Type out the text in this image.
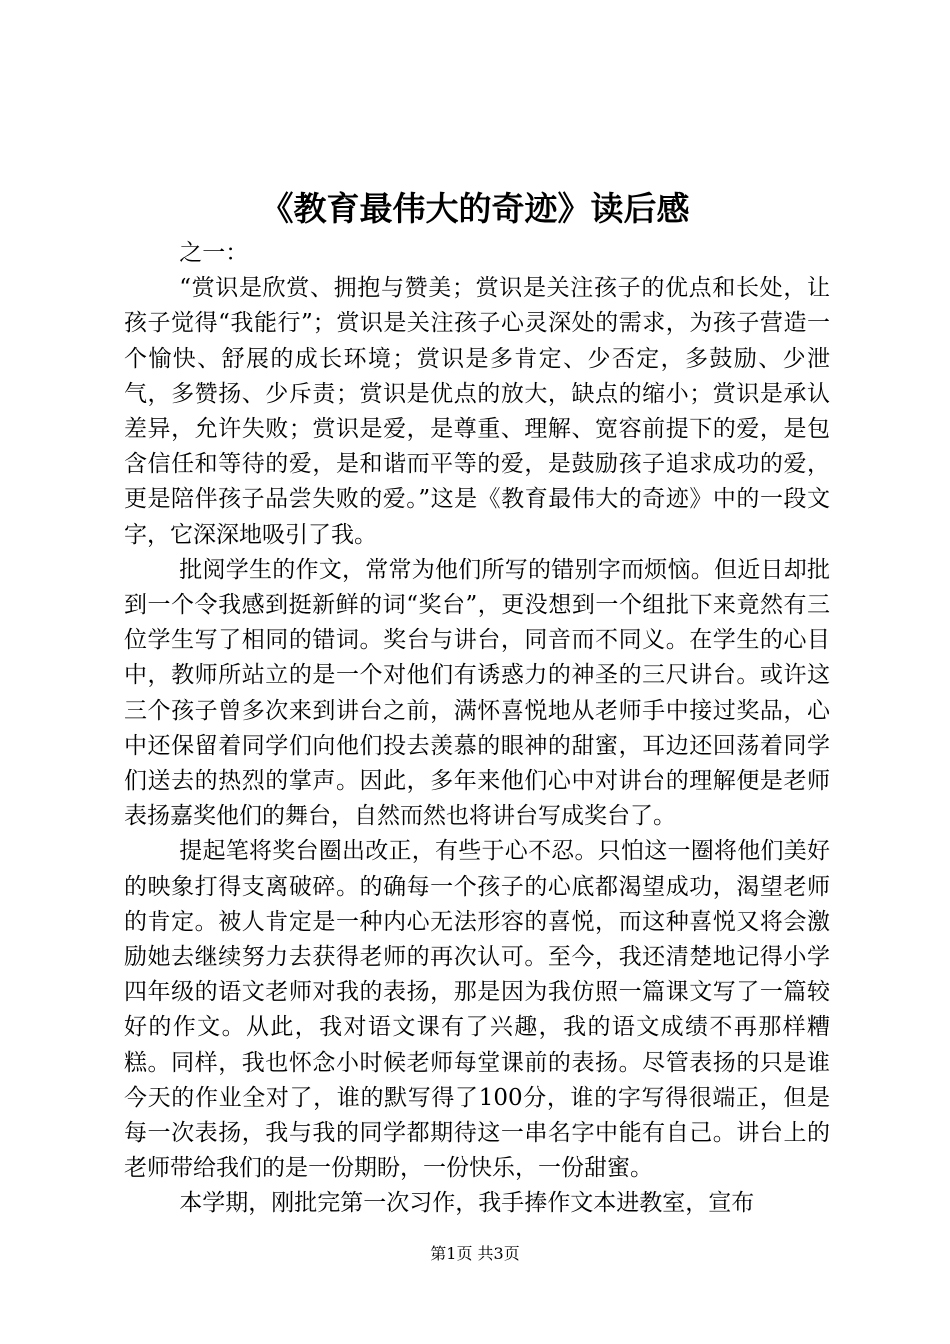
《教育最伟大的奇迹》读后感

之一：

“赏识是欣赏、拥抱与赞美；赏识是关注孩子的优点和长处，让孩子觉得“我能行”；赏识是关注孩子心灵深处的需求，为孩子营造一个愉快、舒展的成长环境；赏识是多肯定、少否定，多鼓励、少泄气，多赞扬、少斥责；赏识是优点的放大，缺点的缩小；赏识是承认差异，允许失败；赏识是爱，是尊重、理解、宽容前提下的爱，是包含信任和等待的爱，是和谐而平等的爱，是鼓励孩子追求成功的爱，更是陪伴孩子品尝失败的爱。”这是《教育最伟大的奇迹》中的一段文字，它深深地吸引了我。

批阅学生的作文，常常为他们所写的错别字而烦恼。但近日却批到一个令我感到挺新鲜的词“奖台”，更没想到一个组批下来竟然有三位学生写了相同的错词。奖台与讲台，同音而不同义。在学生的心目中，教师所站立的是一个对他们有诱惑力的神圣的三尺讲台。或许这三个孩子曾多次来到讲台之前，满怀喜悦地从老师手中接过奖品，心中还保留着同学们向他们投去羡慕的眼神的甜蜜，耳边还回荡着同学们送去的热烈的掌声。因此，多年来他们心中对讲台的理解便是老师表扬嘉奖他们的舞台，自然而然也将讲台写成奖台了。

提起笔将奖台圈出改正，有些于心不忍。只怕这一圈将他们美好的映象打得支离破碎。的确每一个孩子的心底都渴望成功，渴望老师的肯定。被人肯定是一种内心无法形容的喜悦，而这种喜悦又将会激励她去继续努力去获得老师的再次认可。至今，我还清楚地记得小学四年级的语文老师对我的表扬，那是因为我仿照一篇课文写了一篇较好的作文。从此，我对语文课有了兴趣，我的语文成绩不再那样糟糕。同样，我也怀念小时候老师每堂课前的表扬。尽管表扬的只是谁今天的作业全对了，谁的默写得了100分，谁的字写得很端正，但是每一次表扬，我与我的同学都期待这一串名字中能有自己。讲台上的老师带给我们的是一份期盼，一份快乐，一份甜蜜。

本学期，刚批完第一次习作，我手捧作文本进教室，宣布

第1页 共3页
